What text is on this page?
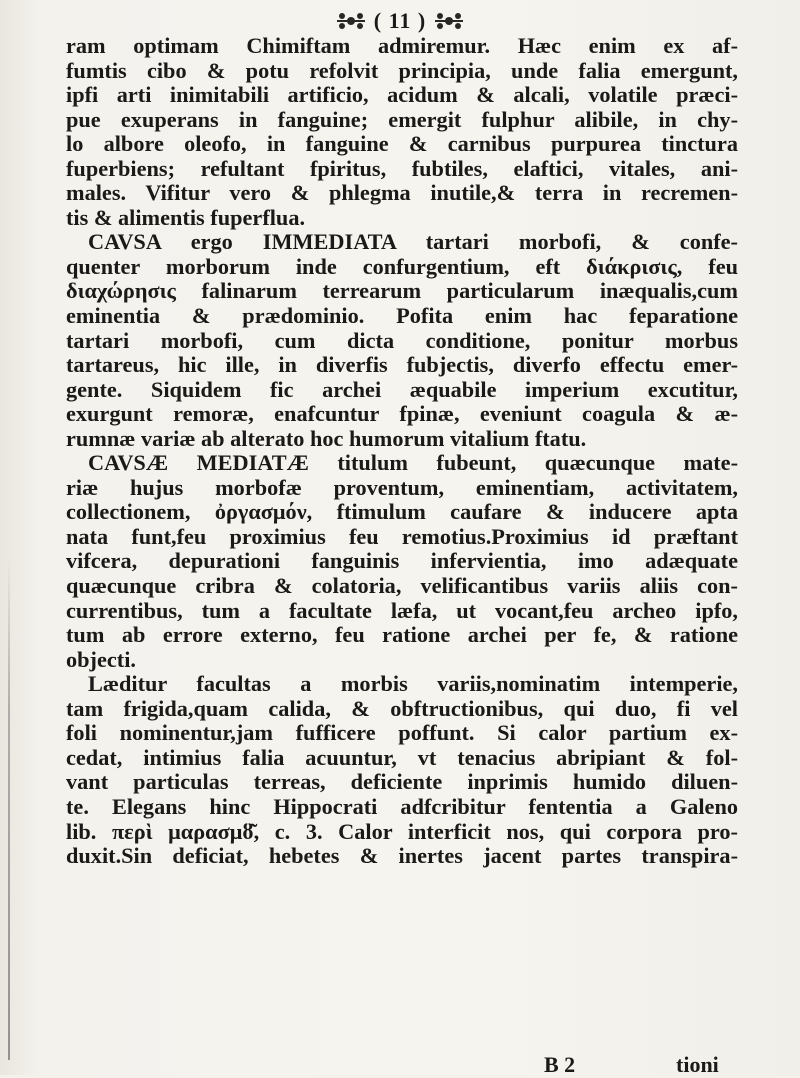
( 11 )
ram optimam Chimiftam admiremur. Hæc enim ex af-
fumtis cibo & potu refolvit principia, unde falia emergunt,
ipfi arti inimitabili artificio, acidum & alcali, volatile præci-
pue exuperans in fanguine; emergit fulphur alibile, in chy-
lo albore oleofo, in fanguine & carnibus purpurea tinctura
fuperbiens; refultant fpiritus, fubtiles, elaftici, vitales, ani-
males. Vifitur vero & phlegma inutile,& terra in recremen-
tis & alimentis fuperflua.
CAVSA ergo IMMEDIATA tartari morbofi, & confe-
quenter morborum inde confurgentium, eft διάκρισις, feu
διαχώρησις falinarum terrearum particularum inæqualis,cum
eminentia & prædominio. Pofita enim hac feparatione
tartari morbofi, cum dicta conditione, ponitur morbus
tartareus, hic ille, in diverfis fubjectis, diverfo effectu emer-
gente. Siquidem fic archei æquabile imperium excutitur,
exurgunt remoræ, enafcuntur fpinæ, eveniunt coagula & æ-
rumnæ variæ ab alterato hoc humorum vitalium ftatu.
CAVSÆ MEDIATÆ titulum fubeunt, quæcunque mate-
riæ hujus morbofæ proventum, eminentiam, activitatem,
collectionem, ὀργασμόν, ftimulum caufare & inducere apta
nata funt,feu proximius feu remotius.Proximius id præftant
vifcera, depurationi fanguinis infervientia, imo adæquate
quæcunque cribra & colatoria, velificantibus variis aliis con-
currentibus, tum a facultate læfa, ut vocant,feu archeo ipfo,
tum ab errore externo, feu ratione archei per fe, & ratione
objecti.
Læditur facultas a morbis variis,nominatim intemperie,
tam frigida,quam calida, & obftructionibus, qui duo, fi vel
foli nominentur,jam fufficere poffunt. Si calor partium ex-
cedat, intimius falia acuuntur, vt tenacius abripiant & fol-
vant particulas terreas, deficiente inprimis humido diluen-
te. Elegans hinc Hippocrati adfcribitur fententia a Galeno
lib. περὶ μαρασμȣ͂, c. 3. Calor interficit nos, qui corpora pro-
duxit.Sin deficiat, hebetes & inertes jacent partes transpira-
B 2	tioni
